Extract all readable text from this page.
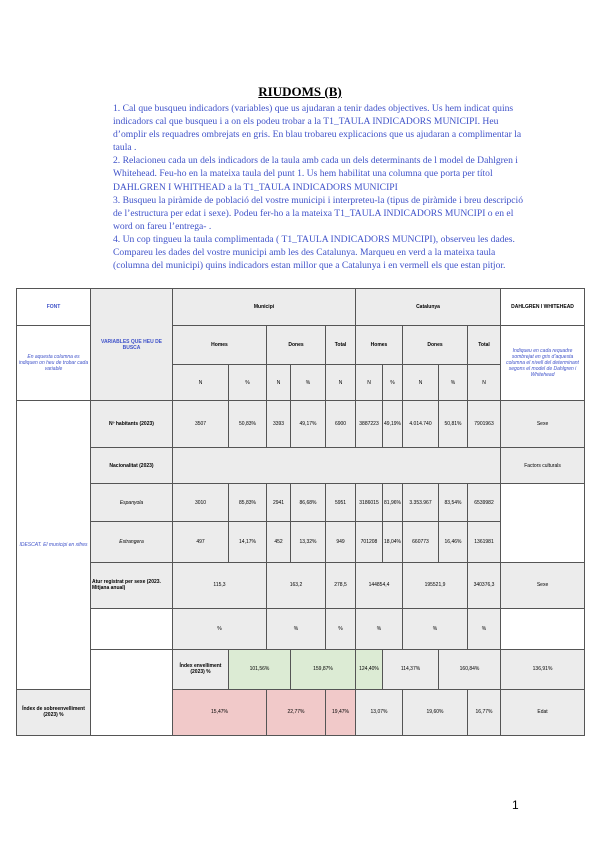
RIUDOMS (B)

1. Cal que busqueu indicadors (variables) que us ajudaran a tenir dades objectives. Us hem indicat quins indicadors cal que busqueu i a on els podeu trobar a la T1_TAULA INDICADORS MUNICIPI. Heu d’omplir els requadres ombrejats en gris. En blau trobareu explicacions que us ajudaran a complimentar la taula .

2. Relacioneu cada un dels indicadors de la taula amb cada un dels determinants de l model de Dahlgren i Whitehead. Feu-ho en la mateixa taula del punt 1. Us hem habilitat una columna que porta per títol DAHLGREN I WHITHEAD a la T1_TAULA INDICADORS MUNICIPI

3. Busqueu la piràmide de població del vostre municipi i interpreteu-la (tipus de piràmide i breu descripció de l’estructura per edat i sexe). Podeu fer-ho a la mateixa T1_TAULA INDICADORS MUNCIPI o en el word on fareu l’entrega- .

4. Un cop tingueu la taula complimentada ( T1_TAULA INDICADORS MUNCIPI), observeu les dades. Compareu les dades del vostre municipi amb les des Catalunya. Marqueu en verd a la mateixa taula (columna del municipi) quins indicadors estan millor que a Catalunya i en vermell els que estan pitjor.

FONT	VARIABLES QUE HEU DE BUSCA	Municipi					Catalunya					DAHLGREN I WHITEHEAD	
En aquesta columna es indiquen on heu de trobar cada variable		Homes		Dones		Total	Homes		Dones		Total	Indiqueu en cada requadre sombrejat en gris d’aquesta columna el nivell del determinant segons el model de Dahlgren i Whitehead	
		N	%	N	%	N	N	%	N	%	N		
IDESCAT. El municipi en xifres	Nº habitants (2023)	3507	50,83%	3393	49,17%	6900	3887223	49,19%	4.014.740	50,81%	7901963	Sexe	
	Nacionalitat (2023)											Factors culturals	
	Espanyola	3010	85,83%	2941	86,68%	5951	3186015	81,96%	3.353.967	83,54%	6539982		
	Estrangera	497	14,17%	452	13,32%	949	701208	18,04%	660773	16,46%	1361981		
	Atur registrat per sexe (2023. Mitjana anual)	115,3		163,2		278,5	144854,4		195521,9		340376,3	Sexe	
		%		%		%	%		%		%		
		Índex envelliment (2023) %	101,56%		159,87%		124,40%	114,37%		160,84%		136,91%	
Índex de sobreenvelliment (2023) %		15,47%		22,77%		19,47%	13,07%		19,60%		16,77%	Edat	
1
